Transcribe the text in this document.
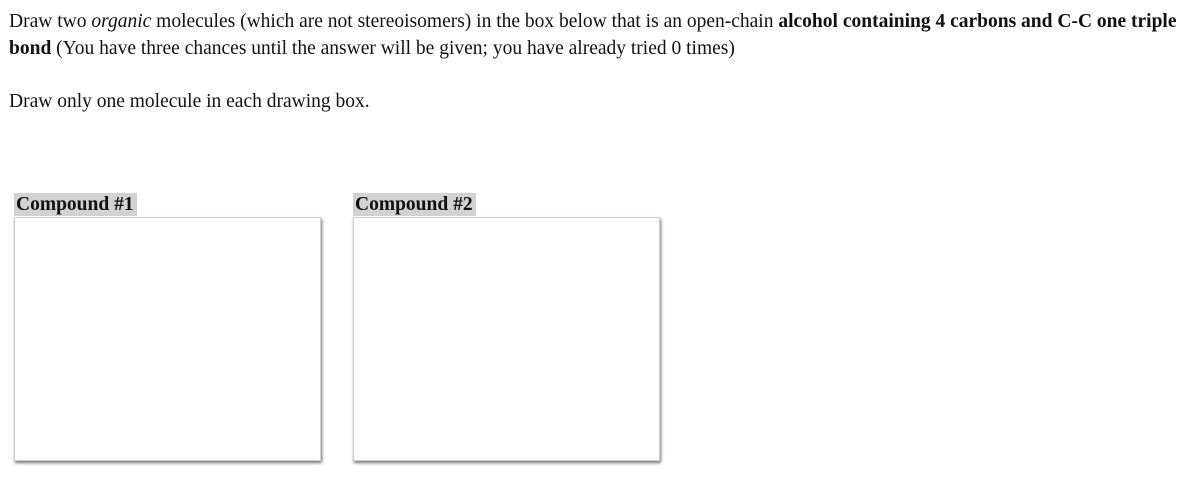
Draw two organic molecules (which are not stereoisomers) in the box below that is an open-chain alcohol containing 4 carbons and C-C one triple bond (You have three chances until the answer will be given; you have already tried 0 times)

Draw only one molecule in each drawing box.

Compound #1	Compound #2
